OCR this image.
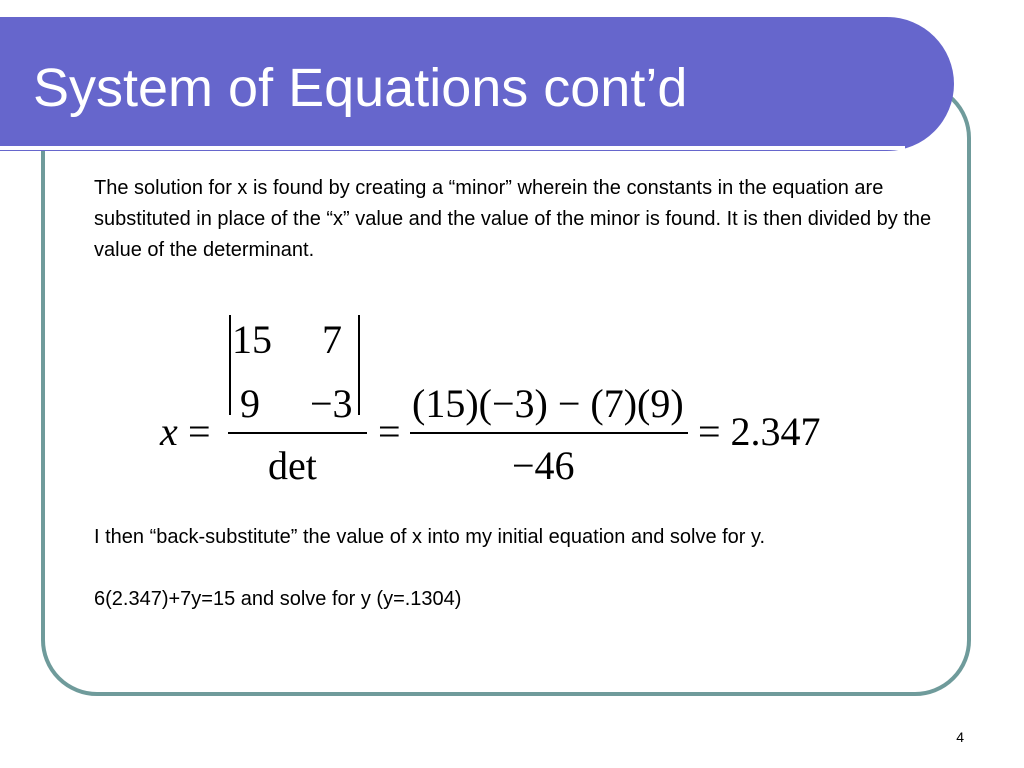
System of Equations cont’d

The solution for x is found by creating a “minor” wherein the constants in the equation are substituted in place of the “x” value and the value of the minor is found. It is then divided by the value of the determinant.

x =
15 7
9 −3
det
=
(15)(−3) − (7)(9)
−46
= 2.347

I then “back-substitute” the value of x into my initial equation and solve for y.

6(2.347)+7y=15 and solve for y (y=.1304)

4
